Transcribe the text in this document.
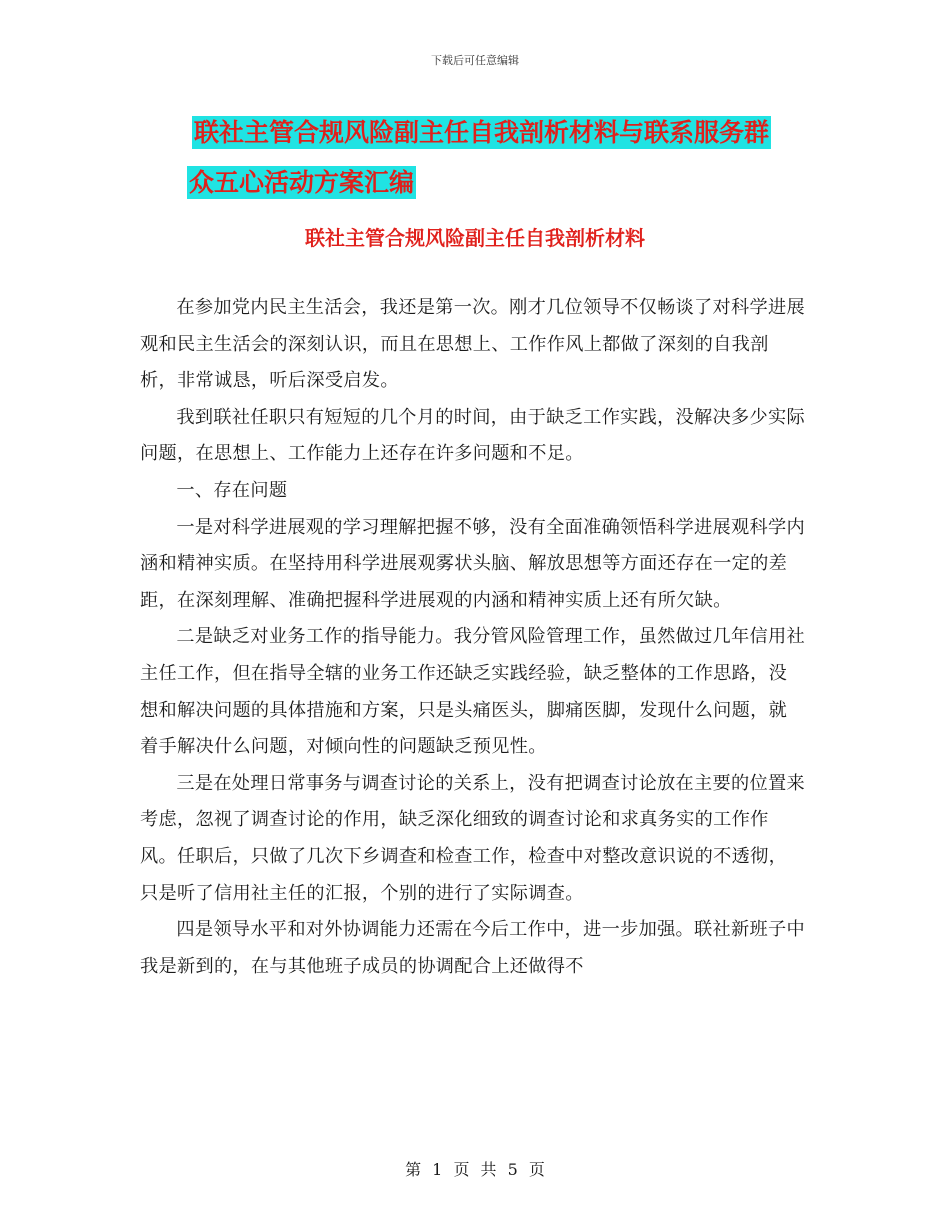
下载后可任意编辑
联社主管合规风险副主任自我剖析材料与联系服务群
众五心活动方案汇编
联社主管合规风险副主任自我剖析材料

在参加党内民主生活会，我还是第一次。刚才几位领导不仅畅谈了对科学进展观和民主生活会的深刻认识，而且在思想上、工作作风上都做了深刻的自我剖析，非常诚恳，听后深受启发。

我到联社任职只有短短的几个月的时间，由于缺乏工作实践，没解决多少实际问题，在思想上、工作能力上还存在许多问题和不足。

一、存在问题

一是对科学进展观的学习理解把握不够，没有全面准确领悟科学进展观科学内涵和精神实质。在坚持用科学进展观雾状头脑、解放思想等方面还存在一定的差距，在深刻理解、准确把握科学进展观的内涵和精神实质上还有所欠缺。

二是缺乏对业务工作的指导能力。我分管风险管理工作，虽然做过几年信用社主任工作，但在指导全辖的业务工作还缺乏实践经验，缺乏整体的工作思路，没想和解决问题的具体措施和方案，只是头痛医头，脚痛医脚，发现什么问题，就着手解决什么问题，对倾向性的问题缺乏预见性。

三是在处理日常事务与调查讨论的关系上，没有把调查讨论放在主要的位置来考虑，忽视了调查讨论的作用，缺乏深化细致的调查讨论和求真务实的工作作风。任职后，只做了几次下乡调查和检查工作，检查中对整改意识说的不透彻，只是听了信用社主任的汇报，个别的进行了实际调查。

四是领导水平和对外协调能力还需在今后工作中，进一步加强。联社新班子中我是新到的，在与其他班子成员的协调配合上还做得不

第 1 页 共 5 页
